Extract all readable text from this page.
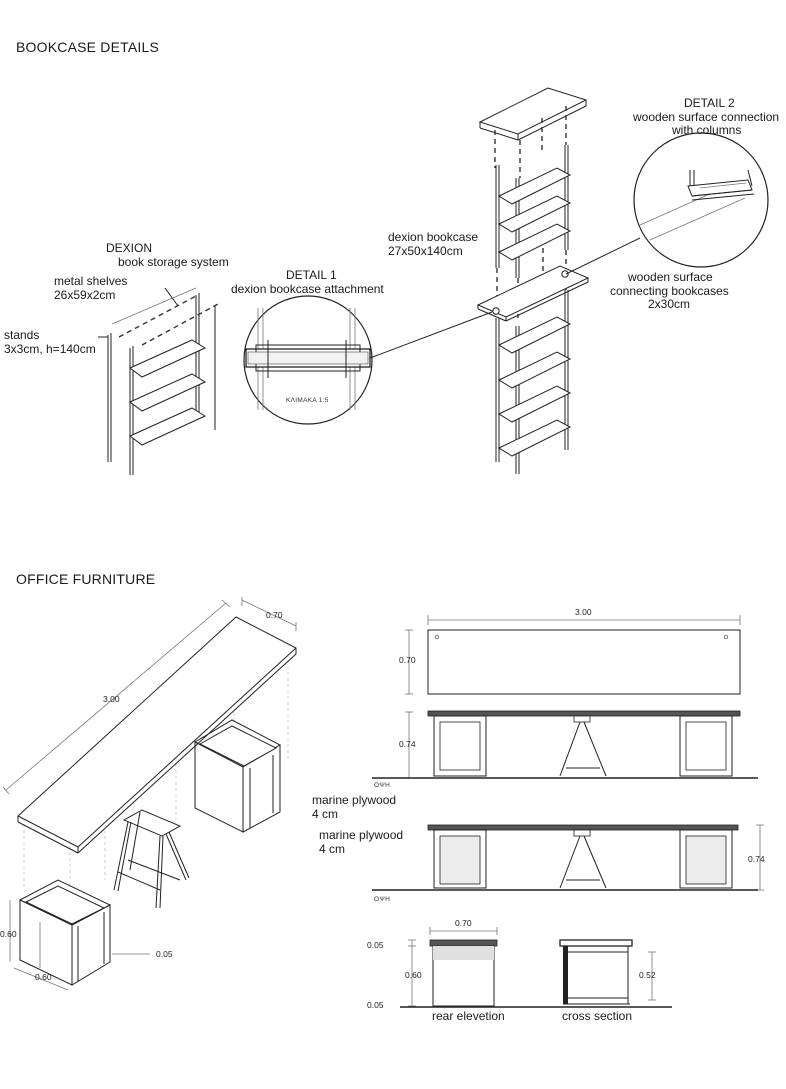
BOOKCASE DETAILS
DEXION
book storage system
metal shelves
26x59x2cm
stands
3x3cm, h=140cm
DETAIL 1
dexion bookcase attachment
ΚΛΙΜΑΚΑ 1:5
dexion bookcase
27x50x140cm
DETAIL 2
wooden surface connection
with columns
wooden surface
connecting bookcases
2x30cm
OFFICE FURNITURE
0.70
3.00
0.60
0.60
0.05
3.00
0.70
0.74
ΟΨΗ
marine plywood
4 cm
marine plywood
4 cm
0.74
ΟΨΗ
0.70
0.05
0.60
0.05
0.52
rear elevetion	cross section
